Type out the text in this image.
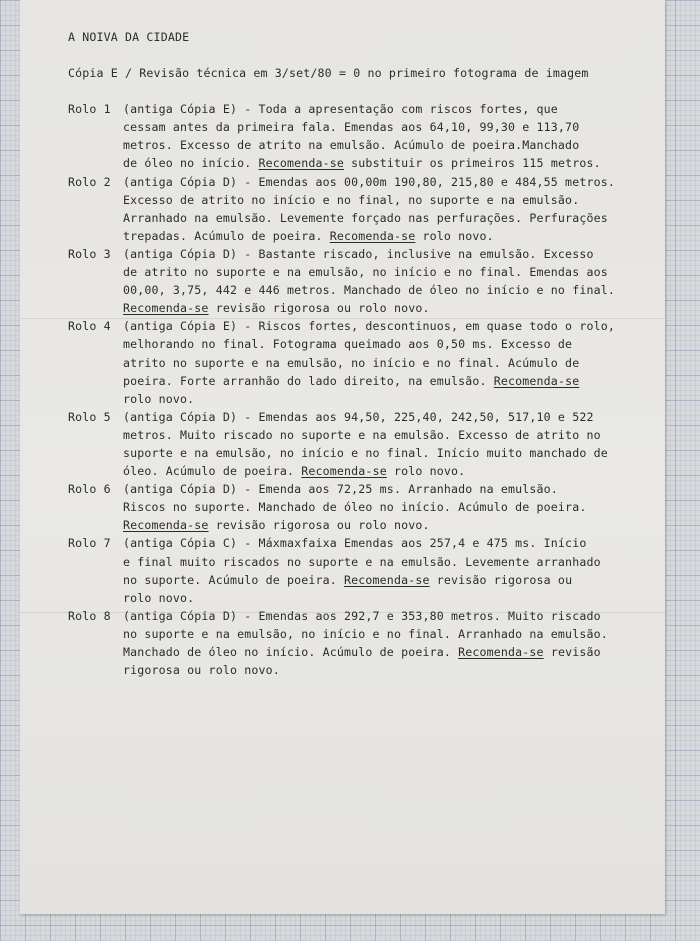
A NOIVA DA CIDADE
Cópia E / Revisão técnica em 3/set/80 = 0 no primeiro fotograma de imagem
Rolo 1	(antiga Cópia E) - Toda a apresentação com riscos fortes, que
cessam antes da primeira fala. Emendas aos 64,10, 99,30 e 113,70
metros. Excesso de atrito na emulsão. Acúmulo de poeira.Manchado
de óleo no início. Recomenda-se substituir os primeiros 115 metros.
Rolo 2	(antiga Cópia D) - Emendas aos 00,00m 190,80, 215,80 e 484,55 metros.
Excesso de atrito no início e no final, no suporte e na emulsão.
Arranhado na emulsão. Levemente forçado nas perfurações. Perfurações
trepadas. Acúmulo de poeira. Recomenda-se rolo novo.
Rolo 3	(antiga Cópia D) - Bastante riscado, inclusive na emulsão. Excesso
de atrito no suporte e na emulsão, no início e no final. Emendas aos
00,00, 3,75, 442 e 446 metros. Manchado de óleo no início e no final.
Recomenda-se revisão rigorosa ou rolo novo.
Rolo 4	(antiga Cópia E) - Riscos fortes, descontinuos, em quase todo o rolo,
melhorando no final. Fotograma queimado aos 0,50 ms. Excesso de
atrito no suporte e na emulsão, no início e no final. Acúmulo de
poeira. Forte arranhão do lado direito, na emulsão. Recomenda-se
rolo novo.
Rolo 5	(antiga Cópia D) - Emendas aos 94,50, 225,40, 242,50, 517,10 e 522
metros. Muito riscado no suporte e na emulsão. Excesso de atrito no
suporte e na emulsão, no início e no final. Início muito manchado de
óleo. Acúmulo de poeira. Recomenda-se rolo novo.
Rolo 6	(antiga Cópia D) - Emenda aos 72,25 ms. Arranhado na emulsão.
Riscos no suporte. Manchado de óleo no início. Acúmulo de poeira.
Recomenda-se revisão rigorosa ou rolo novo.
Rolo 7	(antiga Cópia C) - Máxmaxfaixa Emendas aos 257,4 e 475 ms. Início
e final muito riscados no suporte e na emulsão. Levemente arranhado
no suporte. Acúmulo de poeira. Recomenda-se revisão rigorosa ou
rolo novo.
Rolo 8	(antiga Cópia D) - Emendas aos 292,7 e 353,80 metros. Muito riscado
no suporte e na emulsão, no início e no final. Arranhado na emulsão.
Manchado de óleo no início. Acúmulo de poeira. Recomenda-se revisão
rigorosa ou rolo novo.
